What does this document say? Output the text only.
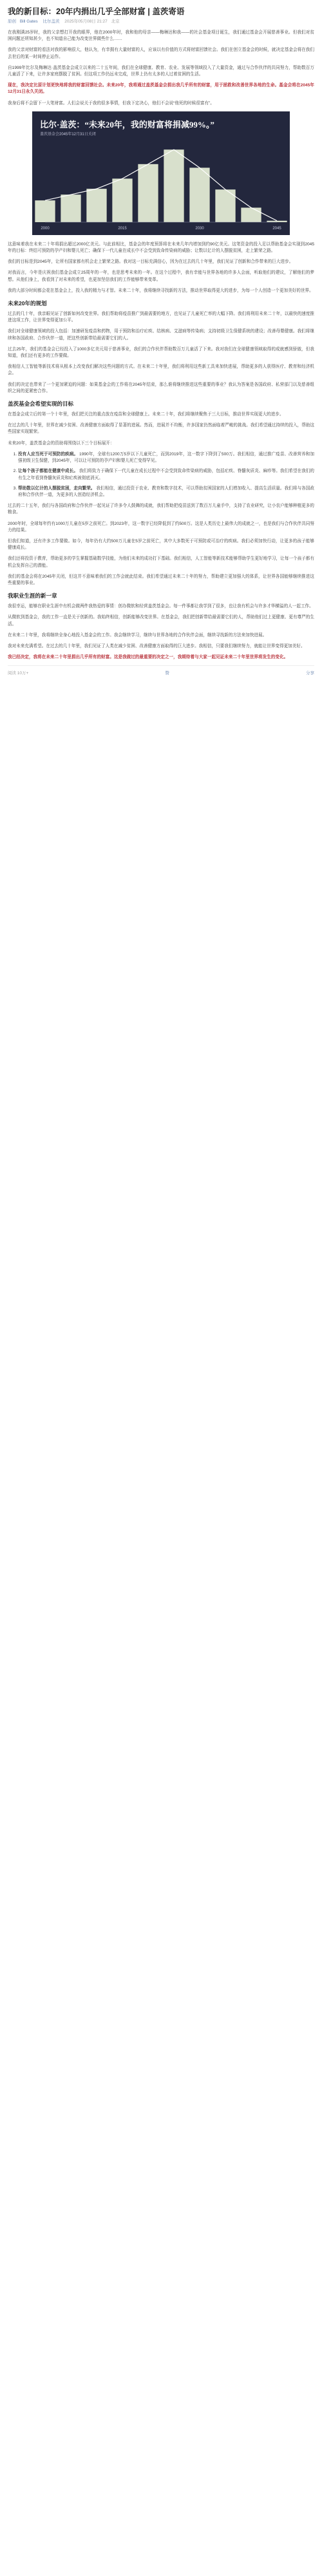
我的新目标：20年内捐出几乎全部财富 | 盖茨寄语
原创 Bill Gates 比尔盖茨 2025年05月08日 21:27 北京

在我刚满25岁时，我的父亲想打开我的眼界，他在2000年时，我和他的母亲——梅琳达和我——的社会基金项目诞生，我们通过基金会开展慈善事业。但我们对贫困问题还所知甚少，也不知道自己能为改变世界做些什么……

我的父亲对财富的看法对我的影响很大，他认为，有幸拥有大量财富的人，应该以有价值的方式将财富回馈社会。我们在创立基金会的时候，就决定基金会将在我们去世后的某一时间停止运作。

自1999年比尔及梅琳达·盖茨基金会成立以来的二十五年间，我们在全球健康、教育、农业、发展等领域投入了大量资金，通过与合作伙伴的共同努力，帮助数百万儿童活了下来，让许多家庭摆脱了贫困。但这项工作仍远未完成，世界上仍有太多的人过着贫困的生活。

现在，我决定比原计划更快地将我的财富回馈社会。未来20年，我将通过盖茨基金会捐出我几乎所有的财富，用于拯救和改善世界各地的生命。基金会将在2045年12月31日永久关闭。

我身后将不会留下一大笔财富。人们会说关于我的很多事情，但我下定决心，他们不会说“他死的时候很富有”。

2000	2015	2030	2045
比尔·盖茨：“未来20年，我的财富将捐减99%。”
盖茨基金会2045年12月31日关闭

这意味着我在未来二十年将捐出超过2000亿美元。与此前相比，基金会的年度预算将在未来几年内增加到约90亿美元。这笔资金的投入足以帮助基金会实现到2045年的目标：终结可预防的孕产妇和婴儿死亡；确保下一代儿童在成长中不会受到致命传染病的威胁；让数以亿计的人摆脱贫困，走上繁荣之路。

我们的目标是到2045年，让所有国家都有机会走上繁荣之路。我对这一目标充满信心，因为在过去的几十年里，我们见证了创新和合作带来的巨大进步。

对我而言，今年是庆祝我们基金会成立25周年的一年，也是思考未来的一年。在这个过程中，我有幸能与世界各地的许多人会面，听取他们的建议，了解他们的梦想。从他们身上，我看到了对未来的希望，也更加坚信我们的工作能够带来变革。

我的大部分时间都会花在基金会上，投入我的精力与才智。未来二十年，我将继续寻找新的方法，推动世界取得更大的进步，为每一个人创造一个更加美好的世界。

未来20年的规划

过去的几十年，我亲眼见证了创新如何改变世界。我们帮助将疫苗推广到最需要的地方，也见证了儿童死亡率的大幅下降。我们将利用未来二十年，以最快的速度推进这项工作，让世界变得更加公平。

我们对全球健康领域的投入包括：加速研发疫苗和药物，用于预防和治疗疟疾、结核病、艾滋病等传染病；支持初级卫生保健系统的建设；改善母婴健康。我们将继续和各国政府、合作伙伴一道，把这些创新带给最需要它们的人。

过去25年，我们的基金会已经投入了1000多亿美元用于慈善事业，我们的合作伙伴帮助数百万儿童活了下来。我对我们在全球健康领域取得的成就感到骄傲，但我知道，我们还有更多的工作要做。

我相信人工智能等新技术将从根本上改变我们解决这些问题的方式。在未来二十年里，我们将利用这些新工具来加快进展，帮助更多的人获得医疗、教育和经济机会。

我们的决定也带来了一个更加紧迫的问题：如果基金会的工作将在2045年结束，那么谁将继续推进这些重要的事业？我认为答案是各国政府、私营部门以及慈善组织之间的更紧密合作。

盖茨基金会希望实现的目标

在基金会成立后的第一个十年里，我们把关注的重点放在疫苗和全球健康上。未来二十年，我们将继续聚焦于三大目标，推动世界实现更大的进步。

在过去的几十年里，世界在减少贫困、改善健康方面取得了显著的进展。然而，进展并不均衡，许多国家仍然面临着严峻的挑战。我们希望通过持续的投入，帮助这些国家实现繁荣。

未来20年，盖茨基金会的资助将围绕以下三个目标展开：

1. 没有人应当死于可预防的疾病。 1990年，全球有1200万5岁以下儿童死亡，而到2019年，这一数字下降到了500万。我们相信，通过推广疫苗、改善营养和加强初级卫生保健，到2045年，可以让可预防的孕产妇和婴儿死亡变得罕见。
2. 让每个孩子都能在健康中成长。 我们将致力于确保下一代儿童在成长过程中不会受到致命传染病的威胁，包括疟疾、脊髓灰质炎、麻疹等。我们希望在我们的有生之年看到脊髓灰质炎和疟疾被彻底消灭。
3. 帮助数以亿计的人摆脱贫困，走向繁荣。 我们相信，通过投资于农业、教育和数字技术，可以帮助贫困国家的人们增加收入、提高生活质量。我们将与各国政府和合作伙伴一道，为更多的人创造经济机会。

过去的二十五年，我们与各国政府和合作伙伴一起见证了许多令人鼓舞的成就，我们帮助把疫苗送到了数百万儿童手中，支持了农业研究，让小农户能够种植更多的粮食。

2000年时，全球每年约有1000万儿童在5岁之前死亡。到2023年，这一数字已经降低到了约500万。这是人类历史上最伟大的成就之一，也是我们与合作伙伴共同努力的结果。

但我们知道，还有许多工作要做。如今，每年仍有大约500万儿童在5岁之前死亡，其中大多数死于可预防或可治疗的疾病。我们必须加快行动，让更多的孩子能够健康成长。

我们还将投资于教育，帮助更多的学生掌握基础数学技能，为他们未来的成功打下基础。我们相信，人工智能等新技术能够帮助学生更好地学习，让每一个孩子都有机会发挥自己的潜能。

我们的基金会将在2045年关闭，但这并不意味着我们的工作会就此结束。我们希望通过未来二十年的努力，帮助建立更加强大的体系，让世界各国能够继续推进这些重要的事业。

我职业生涯的新一章

我很幸运，能够在职业生涯中有机会做两件我热爱的事情：创办微软和经营盖茨基金会。每一件事都让我学到了很多，也让我有机会与许多才华横溢的人一起工作。

从微软到基金会，我的工作一直是关于创新的。我始终相信，创新能够改变世界。在基金会，我们把创新带给最需要它们的人，帮助他们过上更健康、更有尊严的生活。

在未来二十年里，我将继续全身心地投入基金会的工作。我会继续学习，继续与世界各地的合作伙伴会面，继续寻找新的方法来加快进展。

我对未来充满希望。在过去的几十年里，我们见证了人类在减少贫困、改善健康方面取得的巨大进步。我相信，只要我们继续努力，就能让世界变得更加美好。

我已经决定，我将在未来二十年里捐出几乎所有的财富。这是我做过的最重要的决定之一，我期待着与大家一起见证未来二十年里世界将发生的变化。

阅读 10万+	赞	分享
